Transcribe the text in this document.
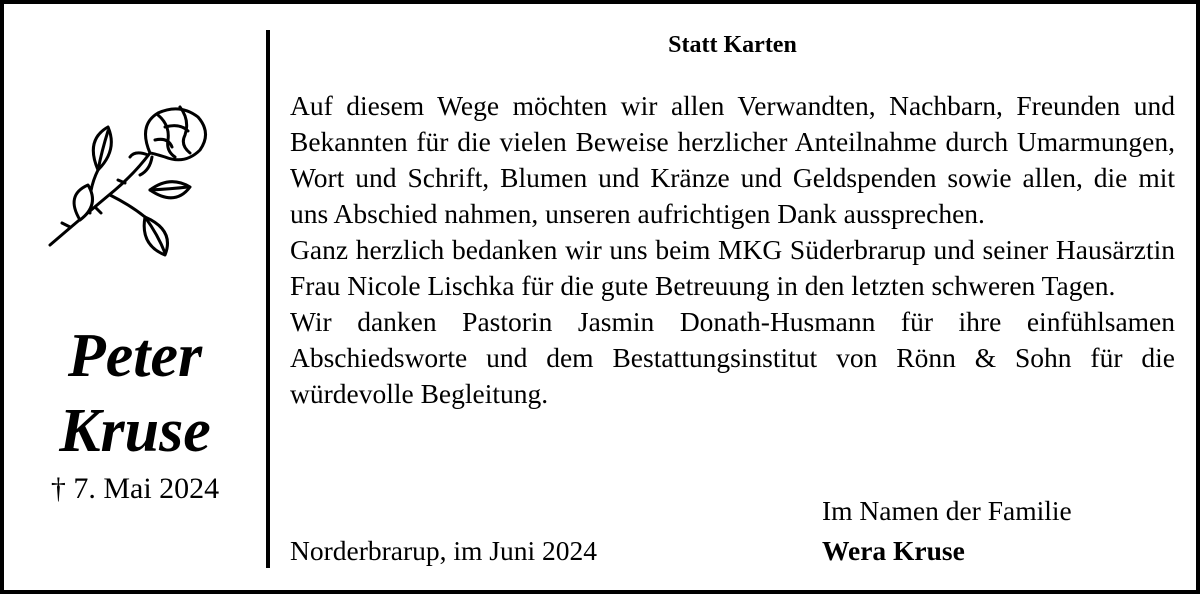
Peter
Kruse
† 7. Mai 2024
Statt Karten
Auf diesem Wege möchten wir allen Verwandten, Nachbarn, Freunden und Bekannten für die vielen Beweise herzlicher Anteilnahme durch Umarmungen, Wort und Schrift, Blumen und Kränze und Geldspenden sowie allen, die mit uns Abschied nahmen, unseren aufrichtigen Dank aussprechen.
Ganz herzlich bedanken wir uns beim MKG Süderbrarup und seiner Hausärztin Frau Nicole Lischka für die gute Betreuung in den letzten schweren Tagen.
Wir danken Pastorin Jasmin Donath-Husmann für ihre einfühlsamen Abschiedsworte und dem Bestattungsinstitut von Rönn & Sohn für die würdevolle Begleitung.
Im Namen der Familie
Norderbrarup, im Juni 2024	Wera Kruse
